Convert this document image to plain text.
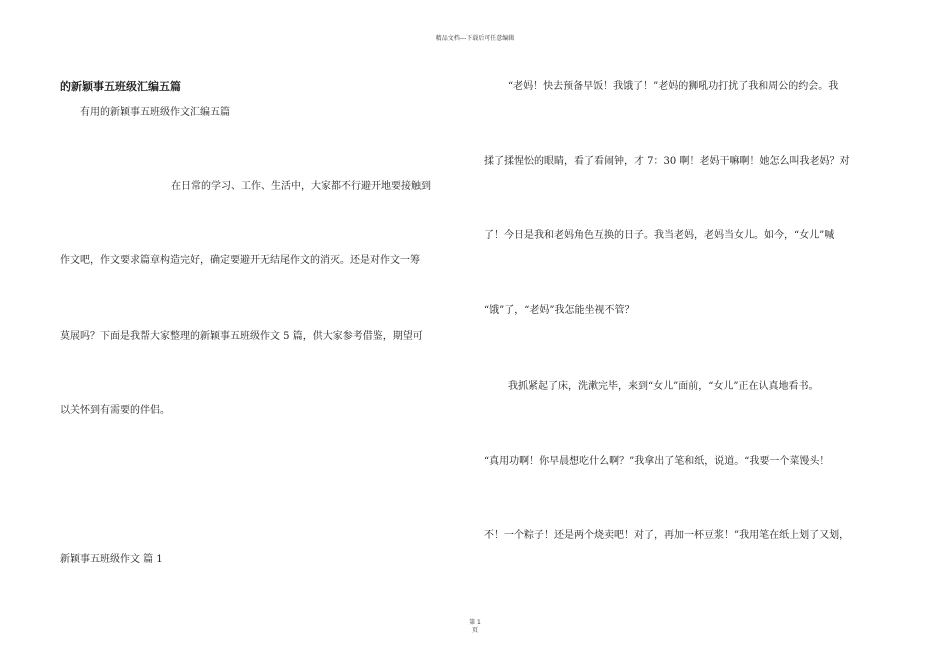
精品文档---下载后可任意编辑
的新颖事五班级汇编五篇
有用的新颖事五班级作文汇编五篇
在日常的学习、工作、生活中，大家都不行避开地要接触到
作文吧，作文要求篇章构造完好，确定要避开无结尾作文的消灭。还是对作文一筹
莫展吗？下面是我帮大家整理的新颖事五班级作文 5 篇，供大家参考借鉴，期望可
以关怀到有需要的伴侣。
新颖事五班级作文 篇 1
“老妈！快去预备早饭！我饿了！”老妈的狮吼功打扰了我和周公的约会。我
揉了揉惺忪的眼睛，看了看闹钟，才 7：30 啊！老妈干嘛啊！她怎么叫我老妈？对
了！今日是我和老妈角色互换的日子。我当老妈，老妈当女儿。如今，“女儿”喊
“饿”了，“老妈”我怎能坐视不管？
我抓紧起了床，洗漱完毕，来到“女儿”面前，“女儿”正在认真地看书。
“真用功啊！你早晨想吃什么啊？”我拿出了笔和纸，说道。“我要一个菜馒头！
不！一个粽子！还是两个烧卖吧！对了，再加一杯豆浆！”我用笔在纸上划了又划，
第 1
页
